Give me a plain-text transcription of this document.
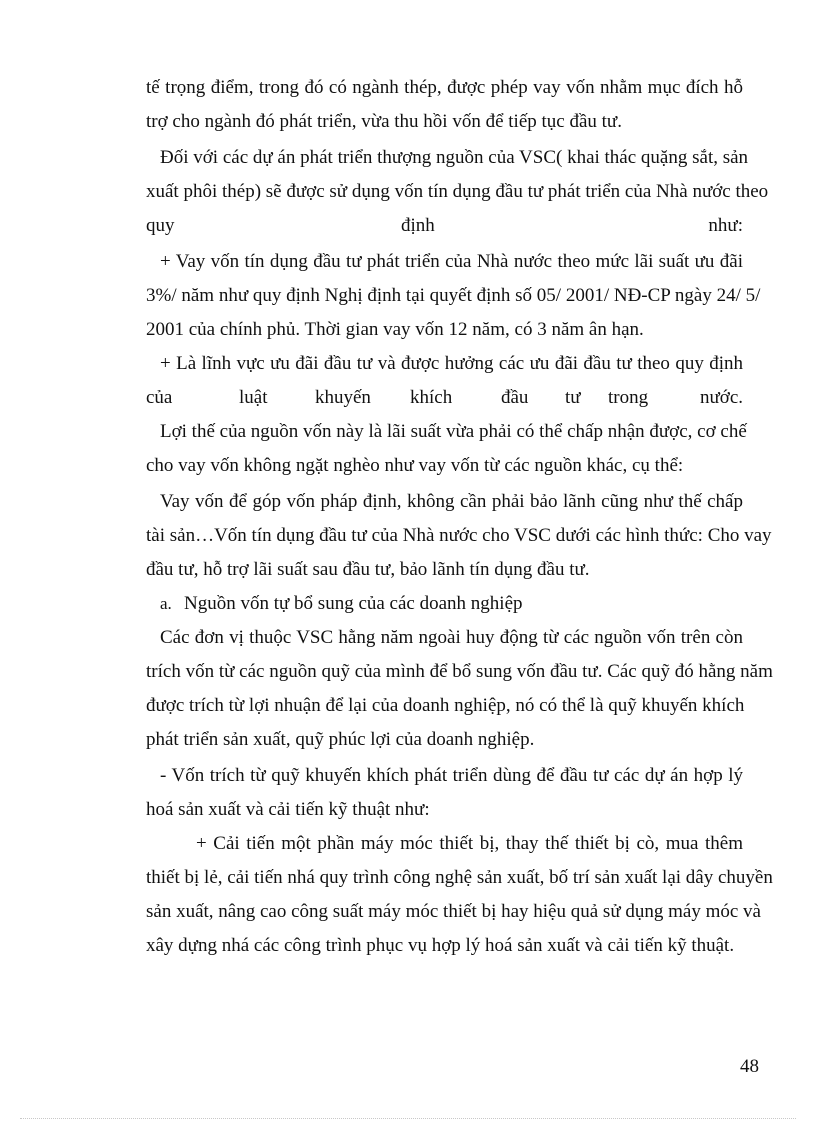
tế trọng điểm, trong đó có ngành thép, được phép vay vốn nhằm mục đích hỗ
trợ cho ngành đó phát triển, vừa thu hồi vốn để tiếp tục đầu tư.
Đối với các dự án phát triển thượng nguồn của VSC( khai thác quặng sắt, sản
xuất phôi thép) sẽ được sử dụng vốn tín dụng đầu tư phát triển của Nhà nước theo
quy	định	như:
+ Vay vốn tín dụng đầu tư phát triển của Nhà nước theo mức lãi suất ưu đãi
3%/ năm như quy định Nghị định tại quyết định số 05/ 2001/ NĐ-CP ngày 24/ 5/
2001 của chính phủ. Thời gian vay vốn 12 năm, có 3 năm ân hạn.
+ Là lĩnh vực ưu đãi đầu tư và được hưởng các ưu đãi đầu tư theo quy định
của	luật	khuyến khích	đầu tư trong	nước.
Lợi thế của nguồn vốn này là lãi suất vừa phải có thể chấp nhận được, cơ chế
cho vay vốn không ngặt nghèo như vay vốn từ các nguồn khác, cụ thể:
Vay vốn để góp vốn pháp định, không cần phải bảo lãnh cũng như thế chấp
tài sản…Vốn tín dụng đầu tư của Nhà nước cho VSC dưới các hình thức: Cho vay
đầu tư, hỗ trợ lãi suất sau đầu tư, bảo lãnh tín dụng đầu tư.
a. Nguồn vốn tự bổ sung của các doanh nghiệp
Các đơn vị thuộc VSC hằng năm ngoài huy động từ các nguồn vốn trên còn
trích vốn từ các nguồn quỹ của mình để bổ sung vốn đầu tư. Các quỹ đó hằng năm
được trích từ lợi nhuận để lại của doanh nghiệp, nó có thể là quỹ khuyến khích
phát triển sản xuất, quỹ phúc lợi của doanh nghiệp.
- Vốn trích từ quỹ khuyến khích phát triển dùng để đầu tư các dự án hợp lý
hoá sản xuất và cải tiến kỹ thuật như:
+ Cải tiến một phần máy móc thiết bị, thay thế thiết bị cò, mua thêm
thiết bị lẻ, cải tiến nhá quy trình công nghệ sản xuất, bố trí sản xuất lại dây chuyền
sản xuất, nâng cao công suất máy móc thiết bị hay hiệu quả sử dụng máy móc và
xây dựng nhá các công trình phục vụ hợp lý hoá sản xuất và cải tiến kỹ thuật.
48
